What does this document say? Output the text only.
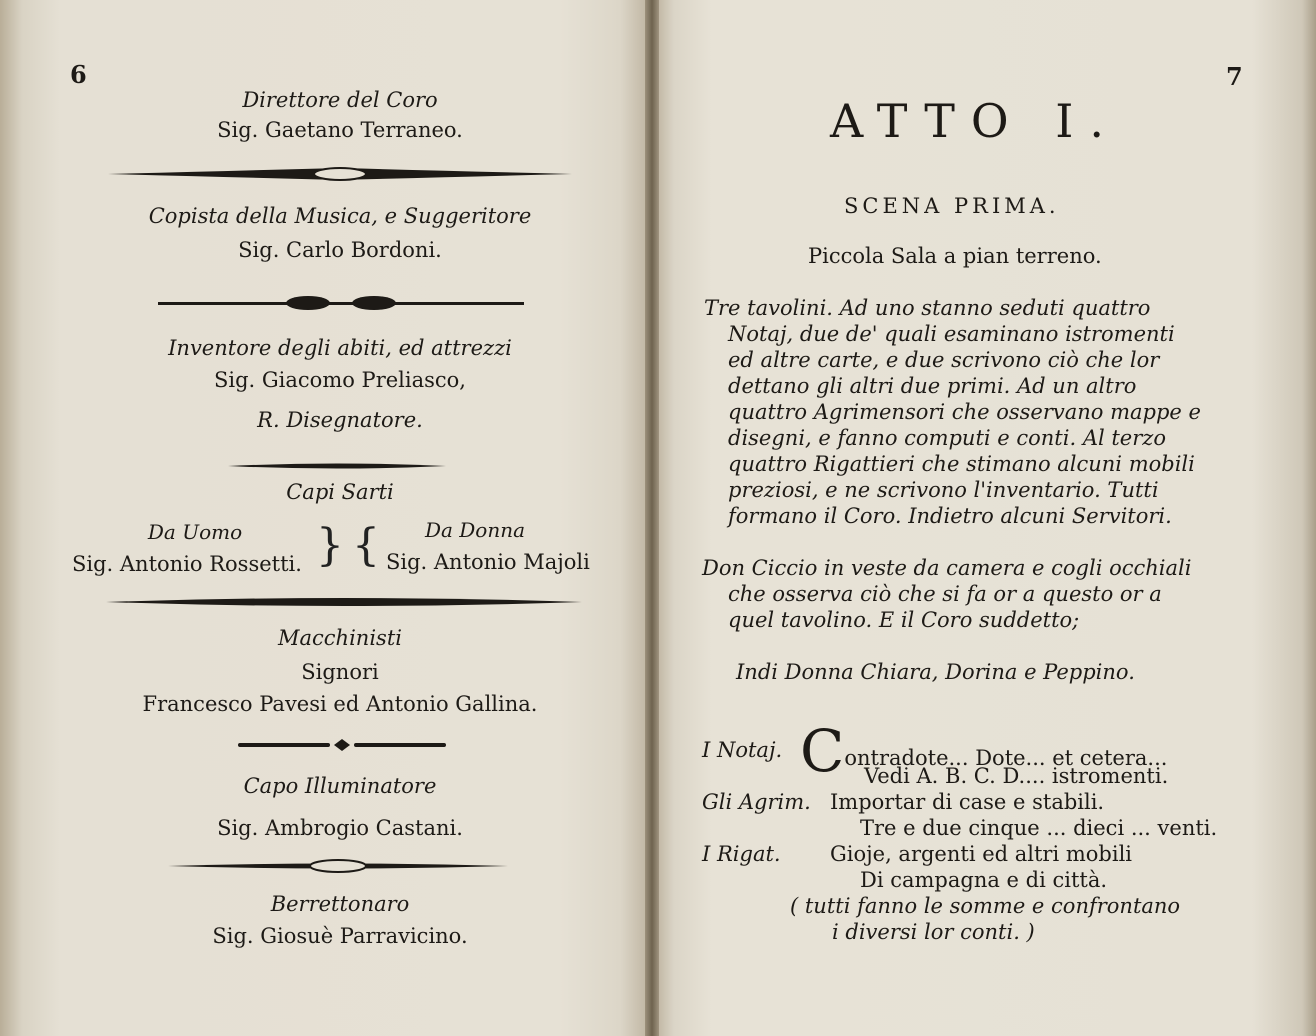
6
Direttore del Coro
Sig. Gaetano Terraneo.
Copista della Musica, e Suggeritore
Sig. Carlo Bordoni.
Inventore degli abiti, ed attrezzi
Sig. Giacomo Preliasco,
R. Disegnatore.
Capi Sarti
Da Uomo	Da Donna
Sig. Antonio Rossetti. } { Sig. Antonio Majoli
Macchinisti
Signori
Francesco Pavesi ed Antonio Gallina.
Capo Illuminatore
Sig. Ambrogio Castani.
Berrettonaro
Sig. Giosuè Parravicino.
7
ATTO I.
SCENA PRIMA.
Piccola Sala a pian terreno.
Tre tavolini. Ad uno stanno seduti quattro
Notaj, due de' quali esaminano istromenti
ed altre carte, e due scrivono ciò che lor
dettano gli altri due primi. Ad un altro
quattro Agrimensori che osservano mappe e
disegni, e fanno computi e conti. Al terzo
quattro Rigattieri che stimano alcuni mobili
preziosi, e ne scrivono l'inventario. Tutti
formano il Coro. Indietro alcuni Servitori.
Don Ciccio in veste da camera e cogli occhiali
che osserva ciò che si fa or a questo or a
quel tavolino. E il Coro suddetto;
Indi Donna Chiara, Dorina e Peppino.
I Notaj. Contradote... Dote... et cetera...
Vedi A. B. C. D.... istromenti.
Gli Agrim. Importar di case e stabili.
Tre e due cinque ... dieci ... venti.
I Rigat. Gioje, argenti ed altri mobili
Di campagna e di città.
( tutti fanno le somme e confrontano
i diversi lor conti. )
